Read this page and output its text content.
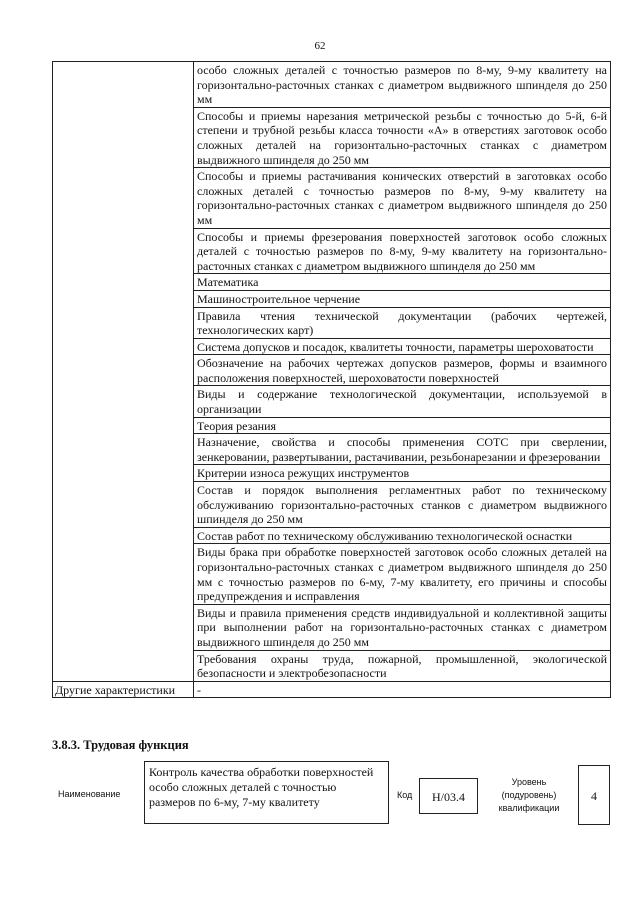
62
	особо сложных деталей с точностью размеров по 8-му, 9-му квалитету на горизонтально-расточных станках с диаметром выдвижного шпинделя до 250 мм
	Способы и приемы нарезания метрической резьбы с точностью до 5-й, 6-й степени и трубной резьбы класса точности «А» в отверстиях заготовок особо сложных деталей на горизонтально-расточных станках с диаметром выдвижного шпинделя до 250 мм
	Способы и приемы растачивания конических отверстий в заготовках особо сложных деталей с точностью размеров по 8-му, 9-му квалитету на горизонтально-расточных станках с диаметром выдвижного шпинделя до 250 мм
	Способы и приемы фрезерования поверхностей заготовок особо сложных деталей с точностью размеров по 8-му, 9-му квалитету на горизонтально-расточных станках с диаметром выдвижного шпинделя до 250 мм
	Математика
	Машиностроительное черчение
	Правила чтения технической документации (рабочих чертежей, технологических карт)
	Система допусков и посадок, квалитеты точности, параметры шероховатости
	Обозначение на рабочих чертежах допусков размеров, формы и взаимного расположения поверхностей, шероховатости поверхностей
	Виды и содержание технологической документации, используемой в организации
	Теория резания
	Назначение, свойства и способы применения СОТС при сверлении, зенкеровании, развертывании, растачивании, резьбонарезании и фрезеровании
	Критерии износа режущих инструментов
	Состав и порядок выполнения регламентных работ по техническому обслуживанию горизонтально-расточных станков с диаметром выдвижного шпинделя до 250 мм
	Состав работ по техническому обслуживанию технологической оснастки
	Виды брака при обработке поверхностей заготовок особо сложных деталей на горизонтально-расточных станках с диаметром выдвижного шпинделя до 250 мм с точностью размеров по 6-му, 7-му квалитету, его причины и способы предупреждения и исправления
	Виды и правила применения средств индивидуальной и коллективной защиты при выполнении работ на горизонтально-расточных станках с диаметром выдвижного шпинделя до 250 мм
	Требования охраны труда, пожарной, промышленной, экологической безопасности и электробезопасности
Другие характеристики	-
3.8.3. Трудовая функция
Наименование
Контроль качества обработки поверхностей особо сложных деталей с точностью размеров по 6-му, 7-му квалитету	Код	H/03.4
Уровень (подуровень) квалификации
4
